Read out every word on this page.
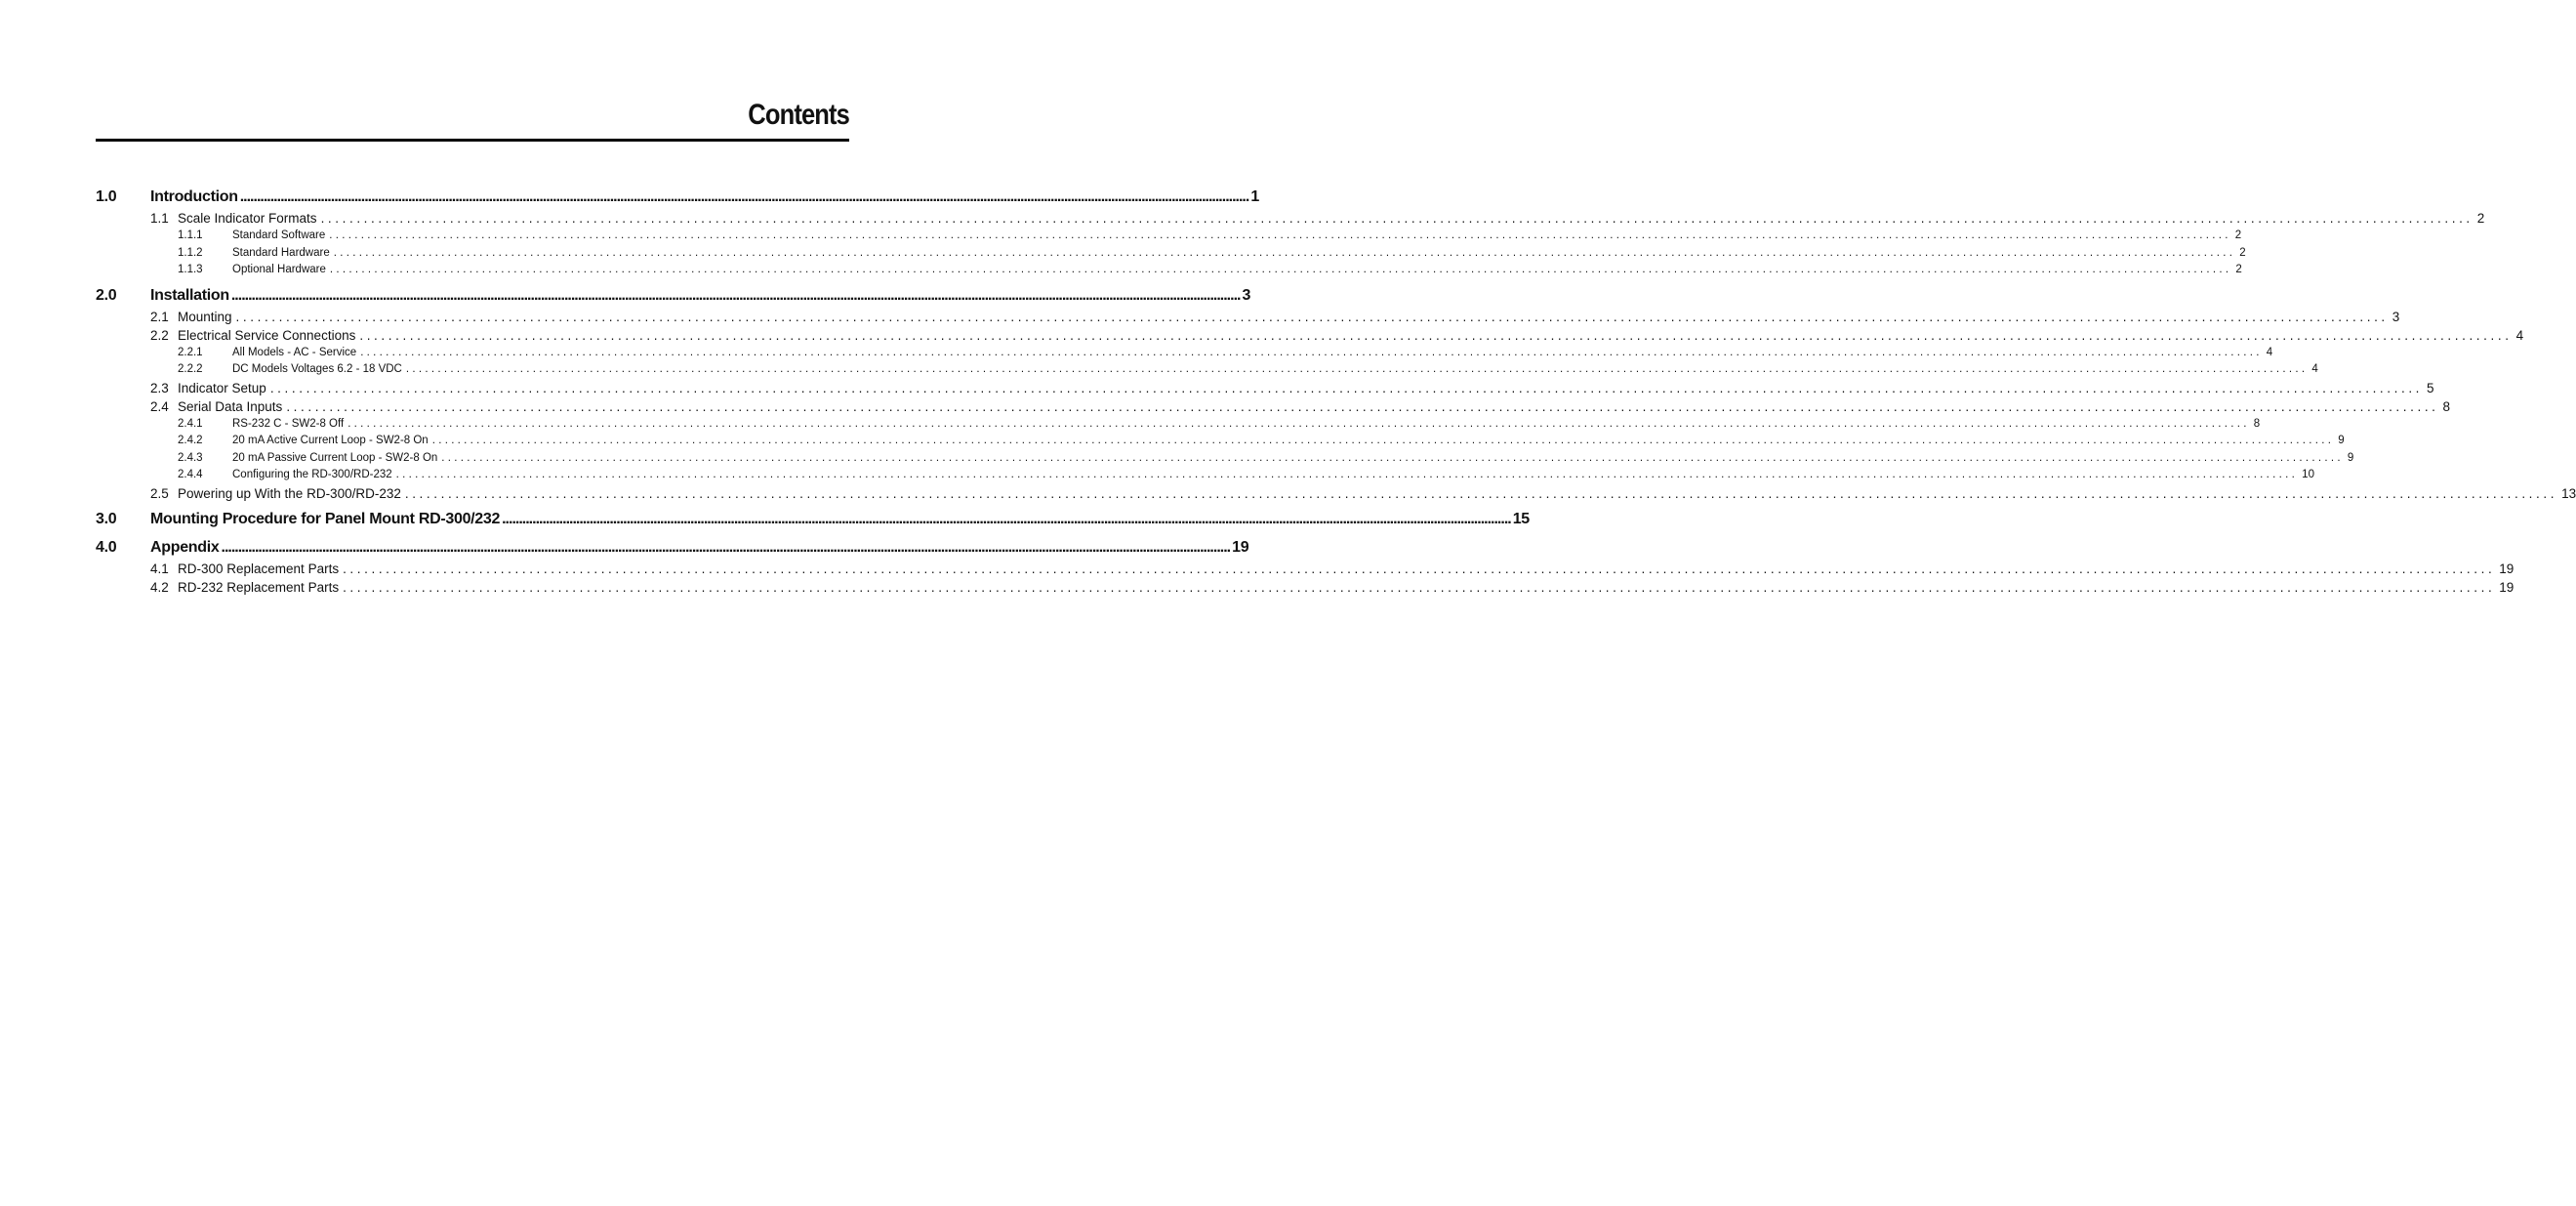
Contents
1.0	Introduction ............................................................................................................................................................................................................................................................................................................ 1
1.1 Scale Indicator Formats ............................................................................................................................................................................................................................................................................................................ 2
1.1.1	Standard Software ............................................................................................................................................................................................................................................................................................................ 2
1.1.2	Standard Hardware ............................................................................................................................................................................................................................................................................................................ 2
1.1.3	Optional Hardware ............................................................................................................................................................................................................................................................................................................ 2
2.0	Installation ............................................................................................................................................................................................................................................................................................................ 3
2.1 Mounting ............................................................................................................................................................................................................................................................................................................ 3
2.2 Electrical Service Connections ............................................................................................................................................................................................................................................................................................................ 4
2.2.1	All Models - AC - Service ............................................................................................................................................................................................................................................................................................................ 4
2.2.2	DC Models Voltages 6.2 - 18 VDC ............................................................................................................................................................................................................................................................................................................ 4
2.3 Indicator Setup ............................................................................................................................................................................................................................................................................................................ 5
2.4 Serial Data Inputs ............................................................................................................................................................................................................................................................................................................ 8
2.4.1	RS-232 C - SW2-8 Off ............................................................................................................................................................................................................................................................................................................ 8
2.4.2	20 mA Active Current Loop - SW2-8 On ............................................................................................................................................................................................................................................................................................................ 9
2.4.3	20 mA Passive Current Loop - SW2-8 On ............................................................................................................................................................................................................................................................................................................ 9
2.4.4	Configuring the RD-300/RD-232 ............................................................................................................................................................................................................................................................................................................ 10
2.5 Powering up With the RD-300/RD-232 ............................................................................................................................................................................................................................................................................................................ 13
3.0	Mounting Procedure for Panel Mount RD-300/232 ............................................................................................................................................................................................................................................................................................................ 15
4.0	Appendix ............................................................................................................................................................................................................................................................................................................ 19
4.1 RD-300 Replacement Parts ............................................................................................................................................................................................................................................................................................................ 19
4.2 RD-232 Replacement Parts ............................................................................................................................................................................................................................................................................................................ 19
